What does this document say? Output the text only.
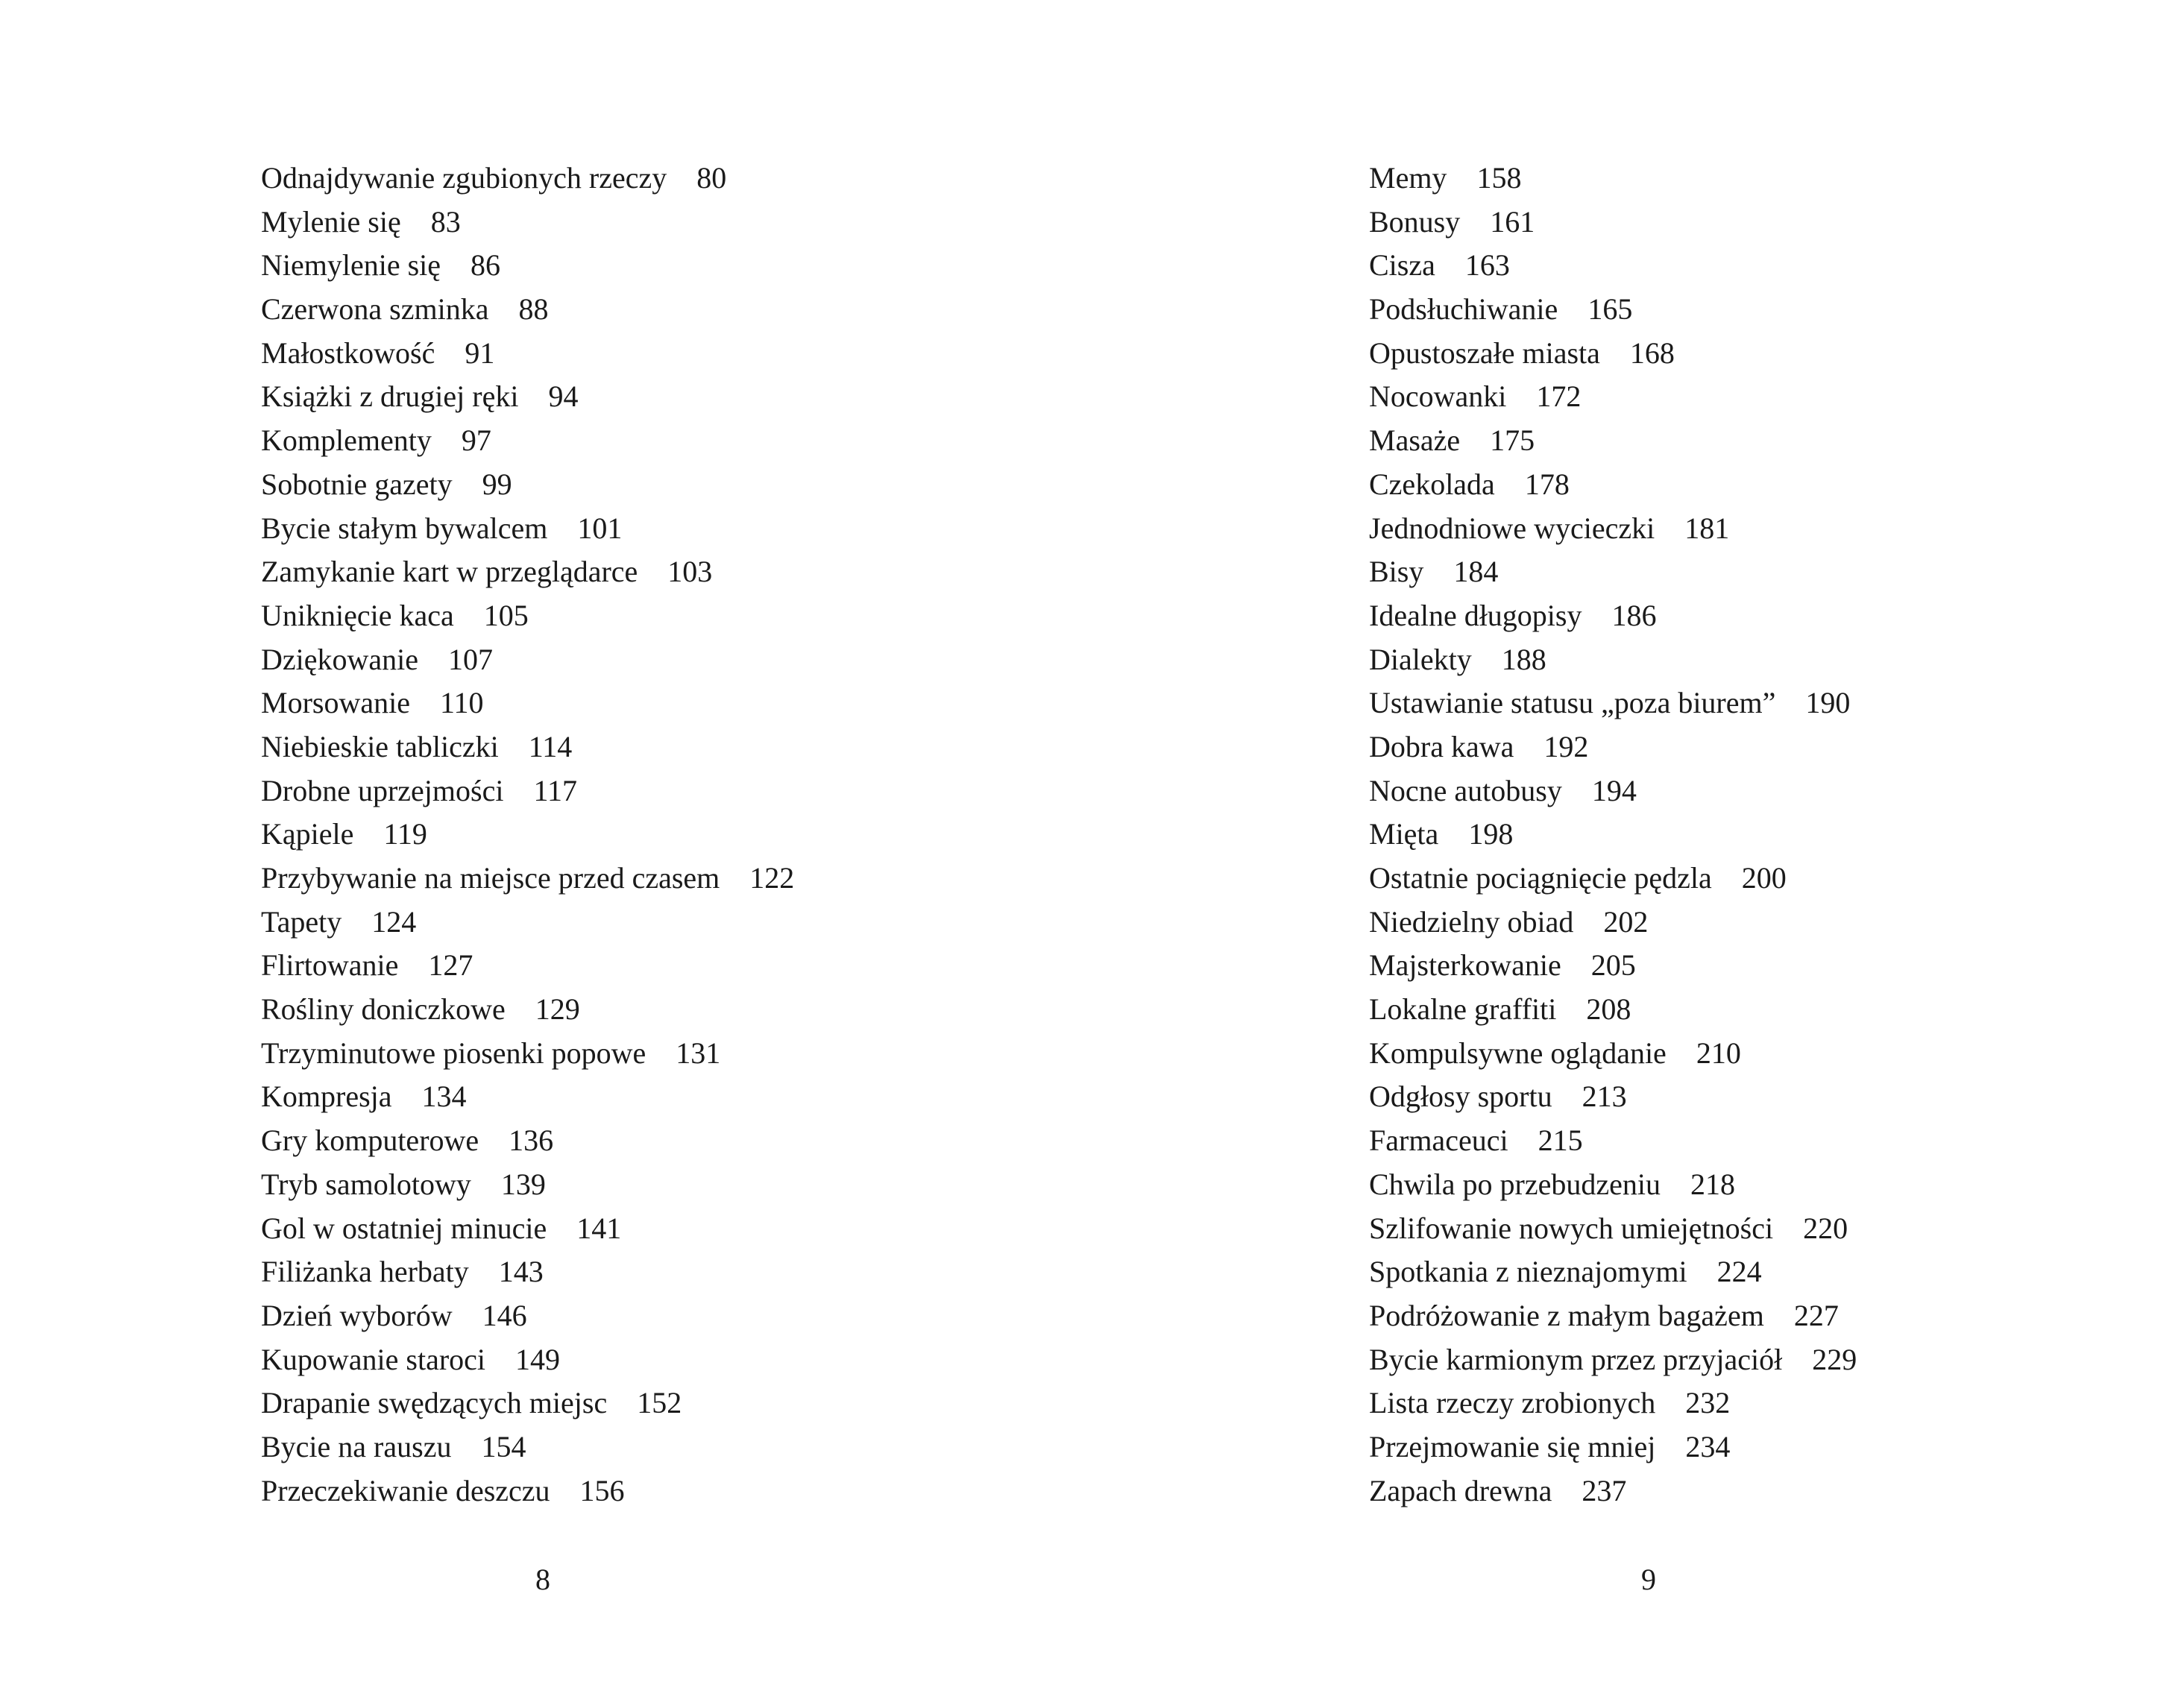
Odnajdywanie zgubionych rzeczy 80
Mylenie się 83
Niemylenie się 86
Czerwona szminka 88
Małostkowość 91
Książki z drugiej ręki 94
Komplementy 97
Sobotnie gazety 99
Bycie stałym bywalcem 101
Zamykanie kart w przeglądarce 103
Uniknięcie kaca 105
Dziękowanie 107
Morsowanie 110
Niebieskie tabliczki 114
Drobne uprzejmości 117
Kąpiele 119
Przybywanie na miejsce przed czasem 122
Tapety 124
Flirtowanie 127
Rośliny doniczkowe 129
Trzyminutowe piosenki popowe 131
Kompresja 134
Gry komputerowe 136
Tryb samolotowy 139
Gol w ostatniej minucie 141
Filiżanka herbaty 143
Dzień wyborów 146
Kupowanie staroci 149
Drapanie swędzących miejsc 152
Bycie na rauszu 154
Przeczekiwanie deszczu 156
8
Memy 158
Bonusy 161
Cisza 163
Podsłuchiwanie 165
Opustoszałe miasta 168
Nocowanki 172
Masaże 175
Czekolada 178
Jednodniowe wycieczki 181
Bisy 184
Idealne długopisy 186
Dialekty 188
Ustawianie statusu „poza biurem” 190
Dobra kawa 192
Nocne autobusy 194
Mięta 198
Ostatnie pociągnięcie pędzla 200
Niedzielny obiad 202
Majsterkowanie 205
Lokalne graffiti 208
Kompulsywne oglądanie 210
Odgłosy sportu 213
Farmaceuci 215
Chwila po przebudzeniu 218
Szlifowanie nowych umiejętności 220
Spotkania z nieznajomymi 224
Podróżowanie z małym bagażem 227
Bycie karmionym przez przyjaciół 229
Lista rzeczy zrobionych 232
Przejmowanie się mniej 234
Zapach drewna 237
9
